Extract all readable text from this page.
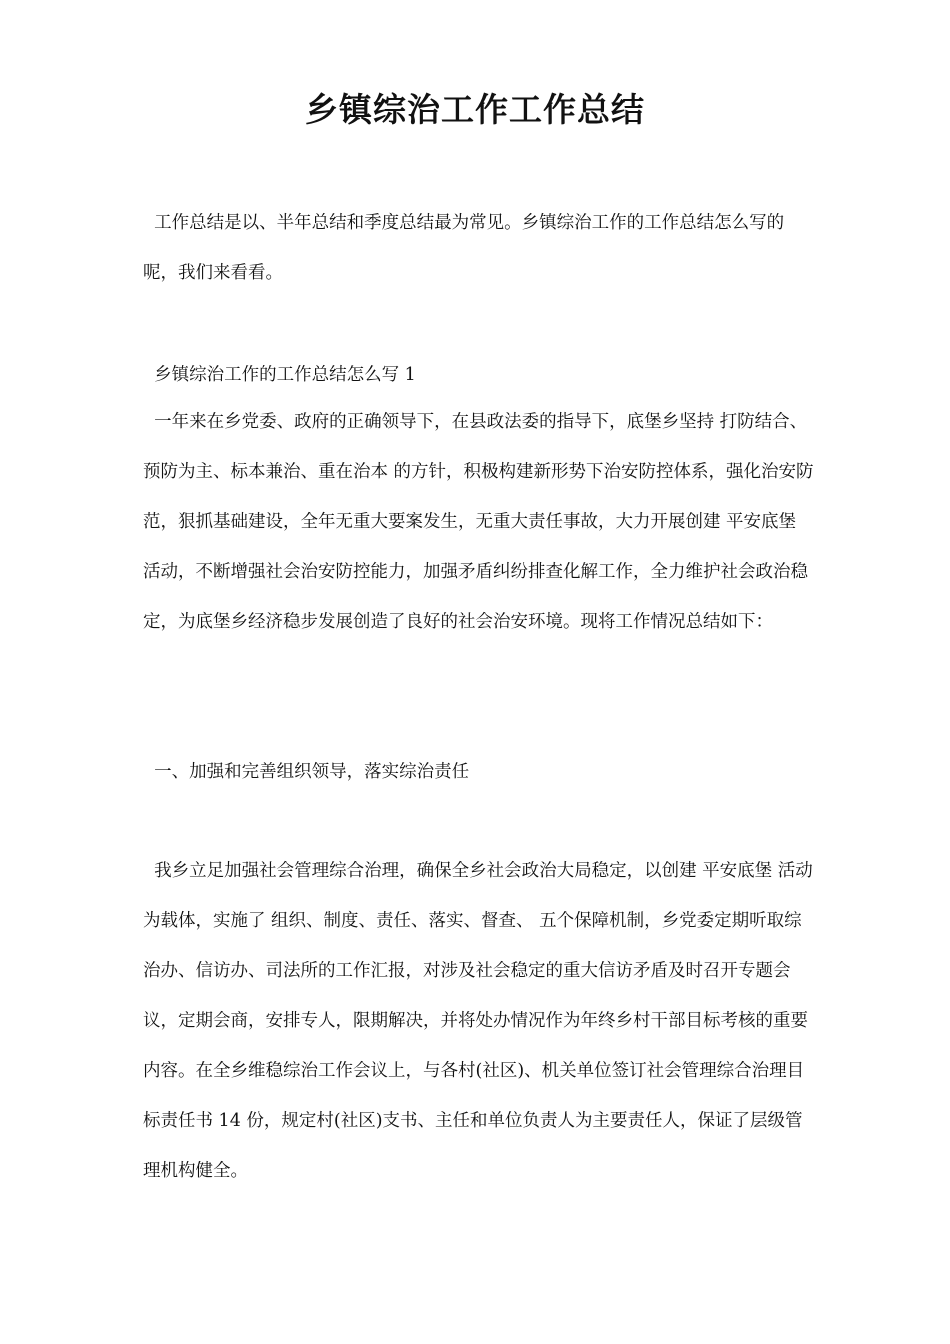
乡镇综治工作工作总结

工作总结是以、半年总结和季度总结最为常见。乡镇综治工作的工作总结怎么写的呢，我们来看看。

乡镇综治工作的工作总结怎么写 1

一年来在乡党委、政府的正确领导下，在县政法委的指导下，底堡乡坚持 打防结合、预防为主、标本兼治、重在治本 的方针，积极构建新形势下治安防控体系，强化治安防范，狠抓基础建设，全年无重大要案发生，无重大责任事故，大力开展创建 平安底堡 活动，不断增强社会治安防控能力，加强矛盾纠纷排查化解工作，全力维护社会政治稳定，为底堡乡经济稳步发展创造了良好的社会治安环境。现将工作情况总结如下：

一、加强和完善组织领导，落实综治责任

我乡立足加强社会管理综合治理，确保全乡社会政治大局稳定，以创建 平安底堡 活动为载体，实施了 组织、制度、责任、落实、督查、 五个保障机制，乡党委定期听取综治办、信访办、司法所的工作汇报，对涉及社会稳定的重大信访矛盾及时召开专题会议，定期会商，安排专人，限期解决，并将处办情况作为年终乡村干部目标考核的重要内容。在全乡维稳综治工作会议上，与各村(社区)、机关单位签订社会管理综合治理目标责任书 14 份，规定村(社区)支书、主任和单位负责人为主要责任人，保证了层级管理机构健全。
